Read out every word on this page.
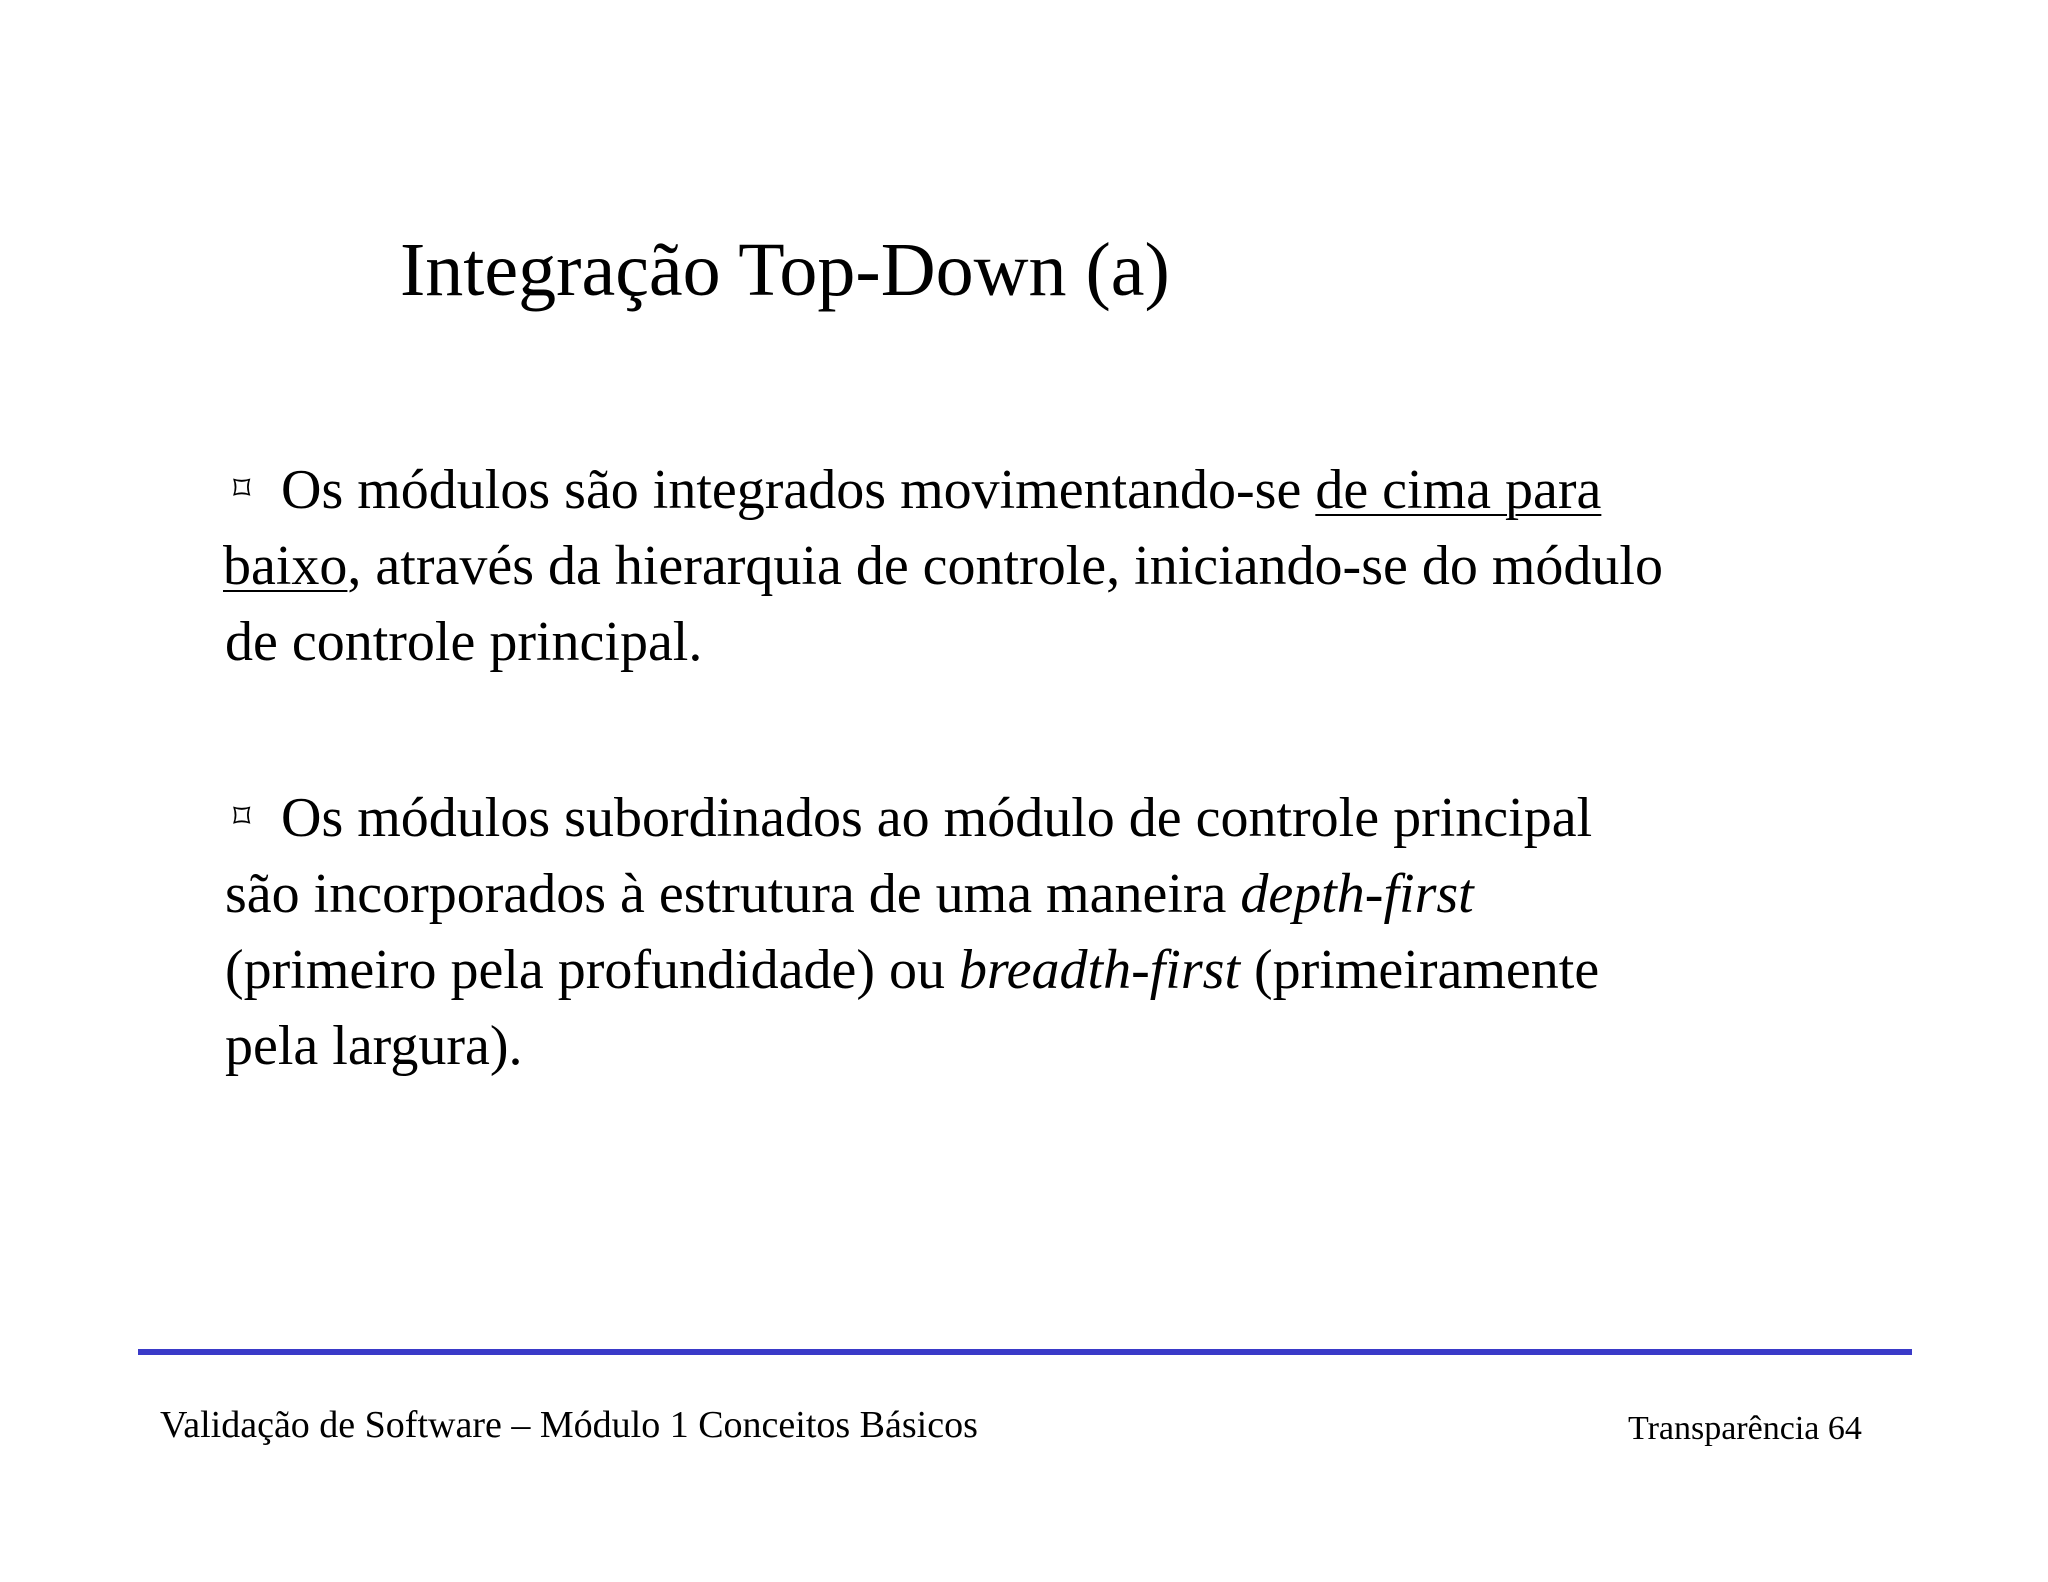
Integração Top-Down (a)
⌑ Os módulos são integrados movimentando-se de cima para
baixo, através da hierarquia de controle, iniciando-se do módulo
de controle principal.
⌑ Os módulos subordinados ao módulo de controle principal
são incorporados à estrutura de uma maneira depth-first
(primeiro pela profundidade) ou breadth-first (primeiramente
pela largura).
Validação de Software – Módulo 1 Conceitos Básicos	Transparência 64
